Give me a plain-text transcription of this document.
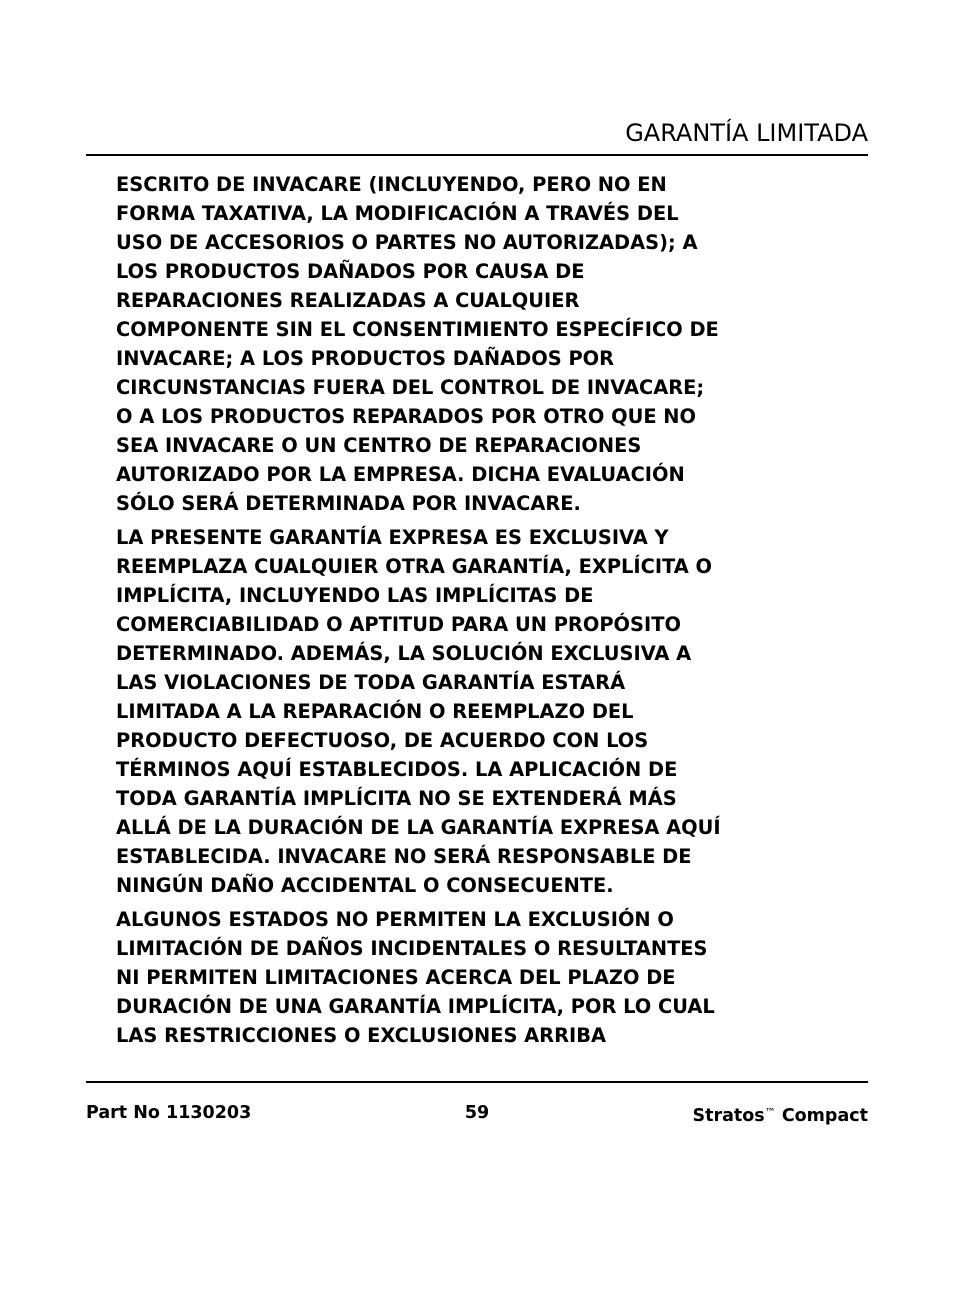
GARANTÍA LIMITADA
ESCRITO DE INVACARE (INCLUYENDO, PERO NO EN
FORMA TAXATIVA, LA MODIFICACIÓN A TRAVÉS DEL
USO DE ACCESORIOS O PARTES NO AUTORIZADAS); A
LOS PRODUCTOS DAÑADOS POR CAUSA DE
REPARACIONES REALIZADAS A CUALQUIER
COMPONENTE SIN EL CONSENTIMIENTO ESPECÍFICO DE
INVACARE; A LOS PRODUCTOS DAÑADOS POR
CIRCUNSTANCIAS FUERA DEL CONTROL DE INVACARE;
O A LOS PRODUCTOS REPARADOS POR OTRO QUE NO
SEA INVACARE O UN CENTRO DE REPARACIONES
AUTORIZADO POR LA EMPRESA. DICHA EVALUACIÓN
SÓLO SERÁ DETERMINADA POR INVACARE.
LA PRESENTE GARANTÍA EXPRESA ES EXCLUSIVA Y
REEMPLAZA CUALQUIER OTRA GARANTÍA, EXPLÍCITA O
IMPLÍCITA, INCLUYENDO LAS IMPLÍCITAS DE
COMERCIABILIDAD O APTITUD PARA UN PROPÓSITO
DETERMINADO. ADEMÁS, LA SOLUCIÓN EXCLUSIVA A
LAS VIOLACIONES DE TODA GARANTÍA ESTARÁ
LIMITADA A LA REPARACIÓN O REEMPLAZO DEL
PRODUCTO DEFECTUOSO, DE ACUERDO CON LOS
TÉRMINOS AQUÍ ESTABLECIDOS. LA APLICACIÓN DE
TODA GARANTÍA IMPLÍCITA NO SE EXTENDERÁ MÁS
ALLÁ DE LA DURACIÓN DE LA GARANTÍA EXPRESA AQUÍ
ESTABLECIDA. INVACARE NO SERÁ RESPONSABLE DE
NINGÚN DAÑO ACCIDENTAL O CONSECUENTE.
ALGUNOS ESTADOS NO PERMITEN LA EXCLUSIÓN O
LIMITACIÓN DE DAÑOS INCIDENTALES O RESULTANTES
NI PERMITEN LIMITACIONES ACERCA DEL PLAZO DE
DURACIÓN DE UNA GARANTÍA IMPLÍCITA, POR LO CUAL
LAS RESTRICCIONES O EXCLUSIONES ARRIBA
Part No 1130203	59	Stratos™ Compact
